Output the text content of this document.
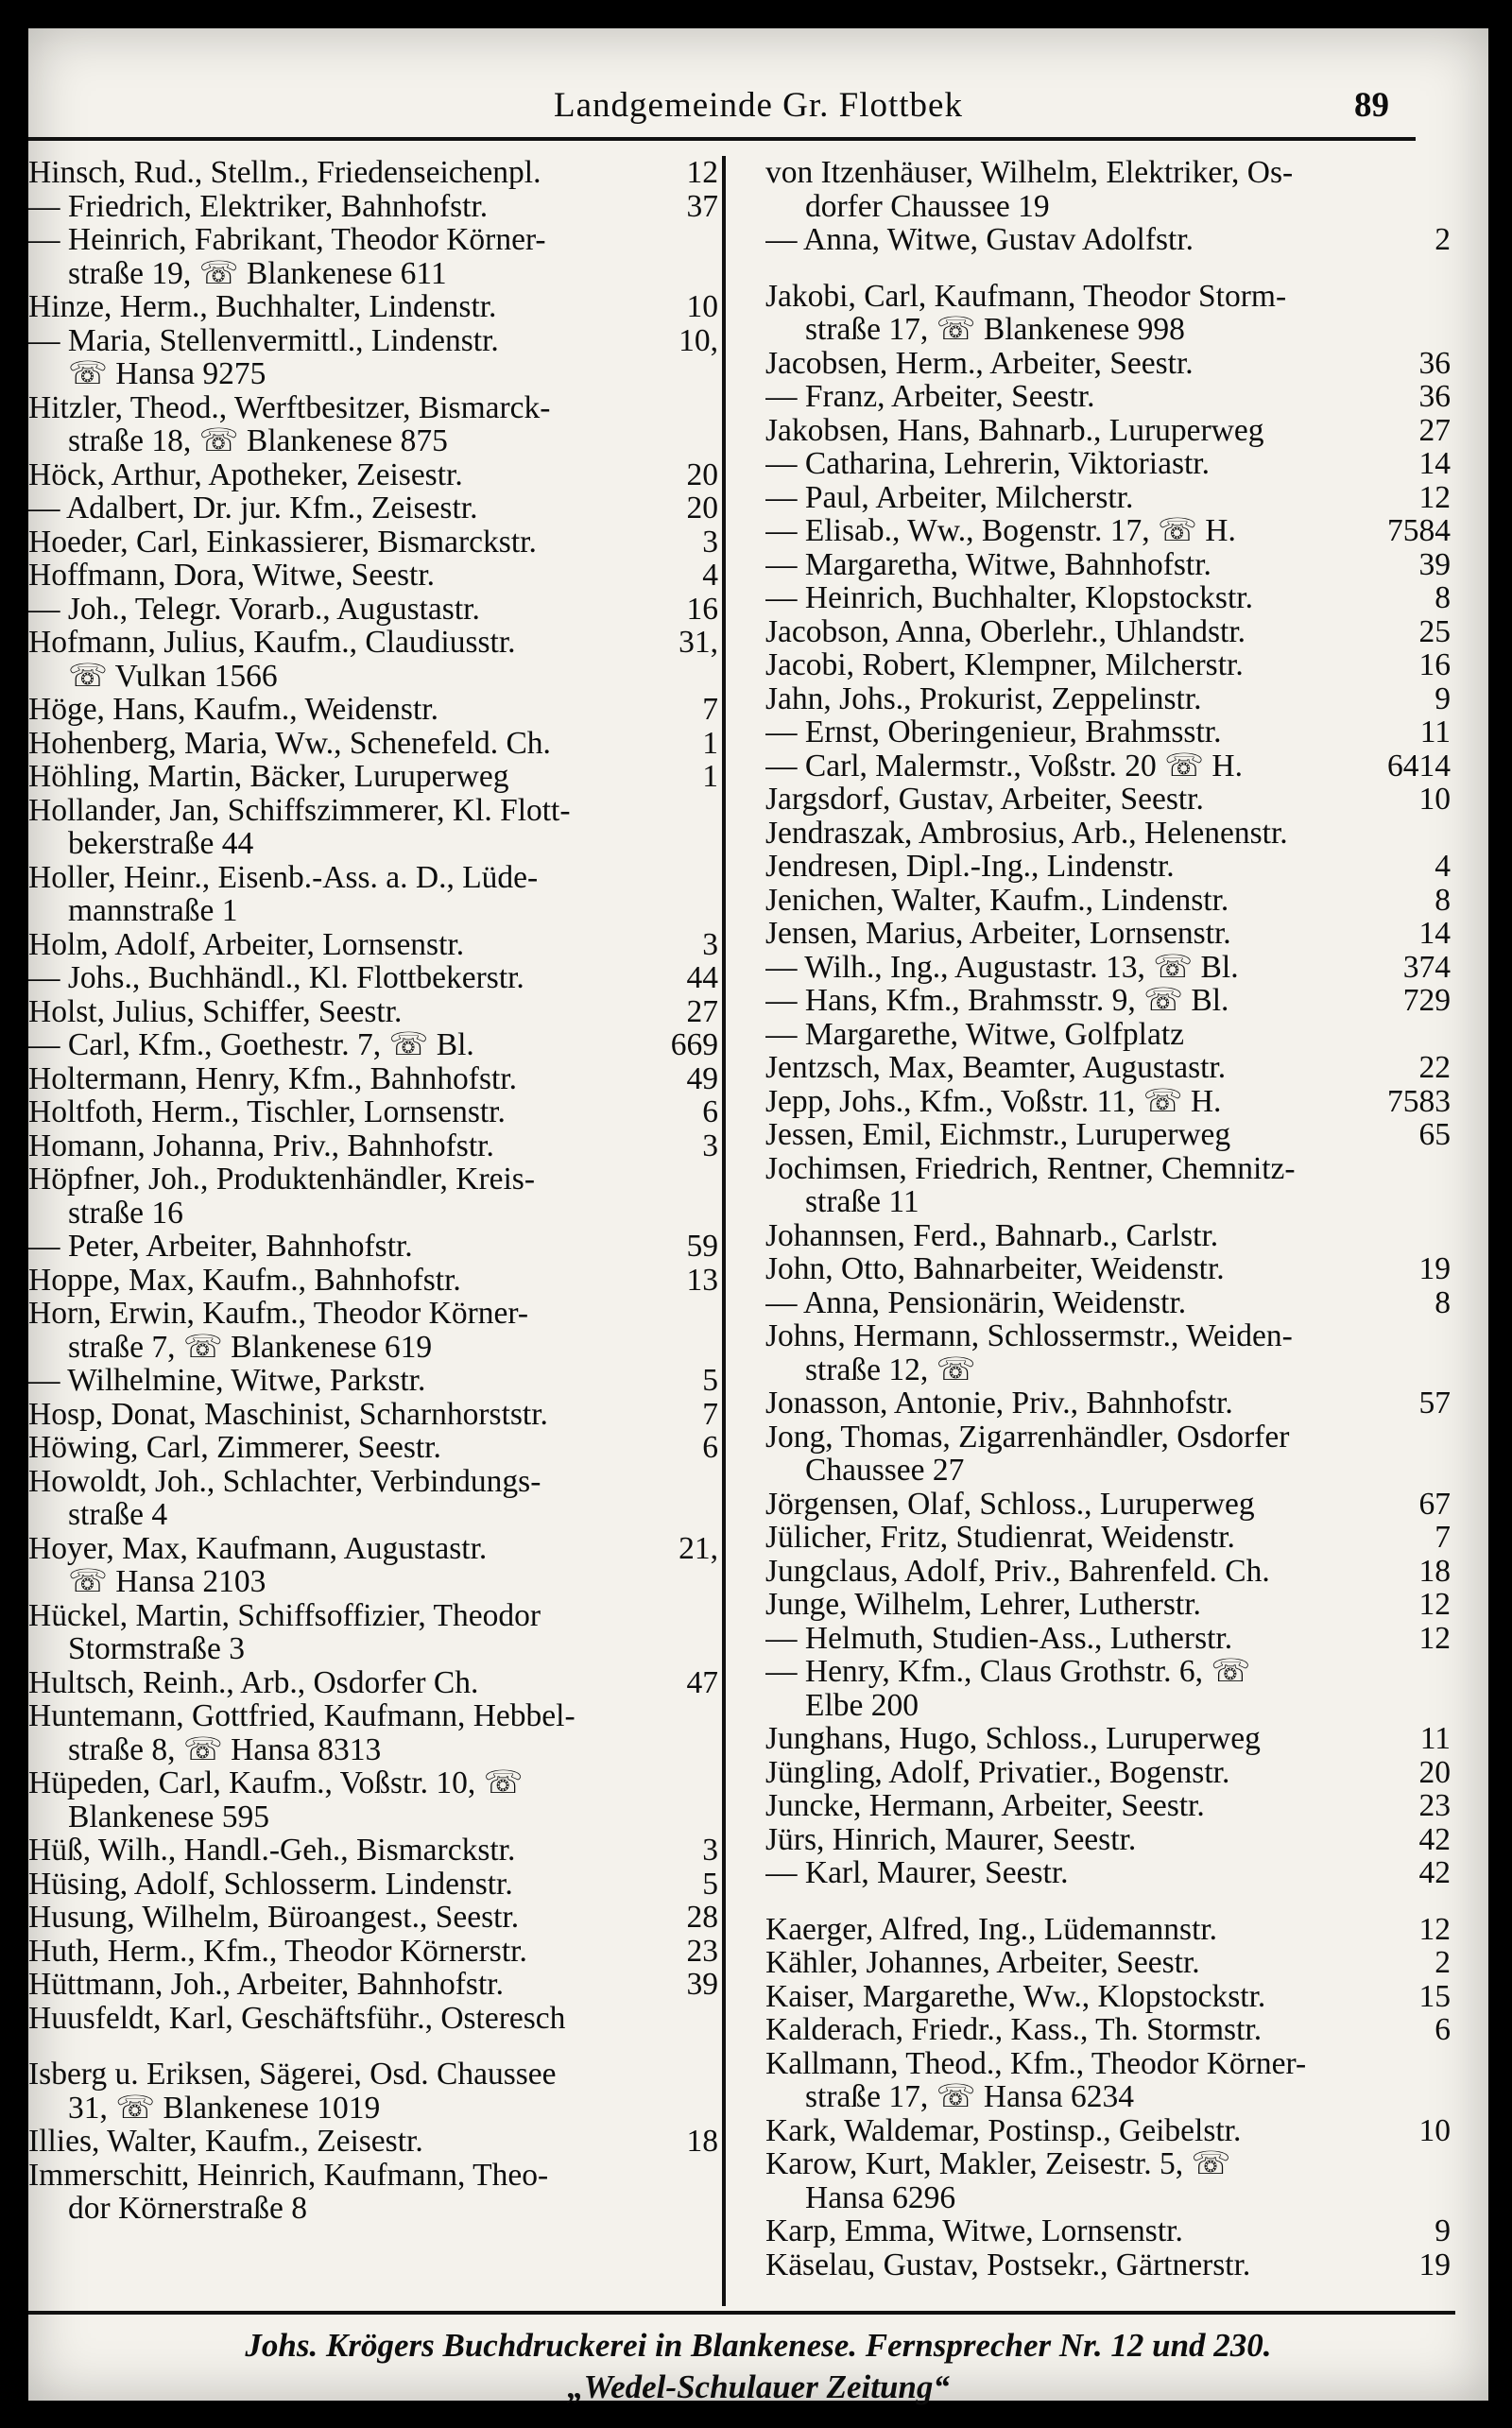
Landgemeinde Gr. Flottbek	89
Hinsch, Rud., Stellm., Friedenseichenpl.	12
— Friedrich, Elektriker, Bahnhofstr.	37
— Heinrich, Fabrikant, Theodor Körner-
straße 19, ☏ Blankenese 611
Hinze, Herm., Buchhalter, Lindenstr.	10
— Maria, Stellenvermittl., Lindenstr.	10,
☏ Hansa 9275
Hitzler, Theod., Werftbesitzer, Bismarck-
straße 18, ☏ Blankenese 875
Höck, Arthur, Apotheker, Zeisestr.	20
— Adalbert, Dr. jur. Kfm., Zeisestr.	20
Hoeder, Carl, Einkassierer, Bismarckstr.	3
Hoffmann, Dora, Witwe, Seestr.	4
— Joh., Telegr. Vorarb., Augustastr.	16
Hofmann, Julius, Kaufm., Claudiusstr.	31,
☏ Vulkan 1566
Höge, Hans, Kaufm., Weidenstr.	7
Hohenberg, Maria, Ww., Schenefeld. Ch.	1
Höhling, Martin, Bäcker, Luruperweg	1
Hollander, Jan, Schiffszimmerer, Kl. Flott-
bekerstraße 44
Holler, Heinr., Eisenb.-Ass. a. D., Lüde-
mannstraße 1
Holm, Adolf, Arbeiter, Lornsenstr.	3
— Johs., Buchhändl., Kl. Flottbekerstr.	44
Holst, Julius, Schiffer, Seestr.	27
— Carl, Kfm., Goethestr. 7, ☏ Bl.	669
Holtermann, Henry, Kfm., Bahnhofstr.	49
Holtfoth, Herm., Tischler, Lornsenstr.	6
Homann, Johanna, Priv., Bahnhofstr.	3
Höpfner, Joh., Produktenhändler, Kreis-
straße 16
— Peter, Arbeiter, Bahnhofstr.	59
Hoppe, Max, Kaufm., Bahnhofstr.	13
Horn, Erwin, Kaufm., Theodor Körner-
straße 7, ☏ Blankenese 619
— Wilhelmine, Witwe, Parkstr.	5
Hosp, Donat, Maschinist, Scharnhorststr.	7
Höwing, Carl, Zimmerer, Seestr.	6
Howoldt, Joh., Schlachter, Verbindungs-
straße 4
Hoyer, Max, Kaufmann, Augustastr.	21,
☏ Hansa 2103
Hückel, Martin, Schiffsoffizier, Theodor
Stormstraße 3
Hultsch, Reinh., Arb., Osdorfer Ch.	47
Huntemann, Gottfried, Kaufmann, Hebbel-
straße 8, ☏ Hansa 8313
Hüpeden, Carl, Kaufm., Voßstr. 10, ☏
Blankenese 595
Hüß, Wilh., Handl.-Geh., Bismarckstr.	3
Hüsing, Adolf, Schlosserm. Lindenstr.	5
Husung, Wilhelm, Büroangest., Seestr.	28
Huth, Herm., Kfm., Theodor Körnerstr.	23
Hüttmann, Joh., Arbeiter, Bahnhofstr.	39
Huusfeldt, Karl, Geschäftsführ., Osteresch
Isberg u. Eriksen, Sägerei, Osd. Chaussee
31, ☏ Blankenese 1019
Illies, Walter, Kaufm., Zeisestr.	18
Immerschitt, Heinrich, Kaufmann, Theo-
dor Körnerstraße 8
von Itzenhäuser, Wilhelm, Elektriker, Os-
dorfer Chaussee 19
— Anna, Witwe, Gustav Adolfstr.	2
Jakobi, Carl, Kaufmann, Theodor Storm-
straße 17, ☏ Blankenese 998
Jacobsen, Herm., Arbeiter, Seestr.	36
— Franz, Arbeiter, Seestr.	36
Jakobsen, Hans, Bahnarb., Luruperweg	27
— Catharina, Lehrerin, Viktoriastr.	14
— Paul, Arbeiter, Milcherstr.	12
— Elisab., Ww., Bogenstr. 17, ☏ H.	7584
— Margaretha, Witwe, Bahnhofstr.	39
— Heinrich, Buchhalter, Klopstockstr.	8
Jacobson, Anna, Oberlehr., Uhlandstr.	25
Jacobi, Robert, Klempner, Milcherstr.	16
Jahn, Johs., Prokurist, Zeppelinstr.	9
— Ernst, Oberingenieur, Brahmsstr.	11
— Carl, Malermstr., Voßstr. 20 ☏ H.	6414
Jargsdorf, Gustav, Arbeiter, Seestr.	10
Jendraszak, Ambrosius, Arb., Helenenstr.
Jendresen, Dipl.-Ing., Lindenstr.	4
Jenichen, Walter, Kaufm., Lindenstr.	8
Jensen, Marius, Arbeiter, Lornsenstr.	14
— Wilh., Ing., Augustastr. 13, ☏ Bl.	374
— Hans, Kfm., Brahmsstr. 9, ☏ Bl.	729
— Margarethe, Witwe, Golfplatz
Jentzsch, Max, Beamter, Augustastr.	22
Jepp, Johs., Kfm., Voßstr. 11, ☏ H.	7583
Jessen, Emil, Eichmstr., Luruperweg	65
Jochimsen, Friedrich, Rentner, Chemnitz-
straße 11
Johannsen, Ferd., Bahnarb., Carlstr.
John, Otto, Bahnarbeiter, Weidenstr.	19
— Anna, Pensionärin, Weidenstr.	8
Johns, Hermann, Schlossermstr., Weiden-
straße 12, ☏
Jonasson, Antonie, Priv., Bahnhofstr.	57
Jong, Thomas, Zigarrenhändler, Osdorfer
Chaussee 27
Jörgensen, Olaf, Schloss., Luruperweg	67
Jülicher, Fritz, Studienrat, Weidenstr.	7
Jungclaus, Adolf, Priv., Bahrenfeld. Ch.	18
Junge, Wilhelm, Lehrer, Lutherstr.	12
— Helmuth, Studien-Ass., Lutherstr.	12
— Henry, Kfm., Claus Grothstr. 6, ☏
Elbe 200
Junghans, Hugo, Schloss., Luruperweg	11
Jüngling, Adolf, Privatier., Bogenstr.	20
Juncke, Hermann, Arbeiter, Seestr.	23
Jürs, Hinrich, Maurer, Seestr.	42
— Karl, Maurer, Seestr.	42
Kaerger, Alfred, Ing., Lüdemannstr.	12
Kähler, Johannes, Arbeiter, Seestr.	2
Kaiser, Margarethe, Ww., Klopstockstr.	15
Kalderach, Friedr., Kass., Th. Stormstr.	6
Kallmann, Theod., Kfm., Theodor Körner-
straße 17, ☏ Hansa 6234
Kark, Waldemar, Postinsp., Geibelstr.	10
Karow, Kurt, Makler, Zeisestr. 5, ☏
Hansa 6296
Karp, Emma, Witwe, Lornsenstr.	9
Käselau, Gustav, Postsekr., Gärtnerstr.	19
Johs. Krögers Buchdruckerei in Blankenese. Fernsprecher Nr. 12 und 230.
„Wedel-Schulauer Zeitung“
